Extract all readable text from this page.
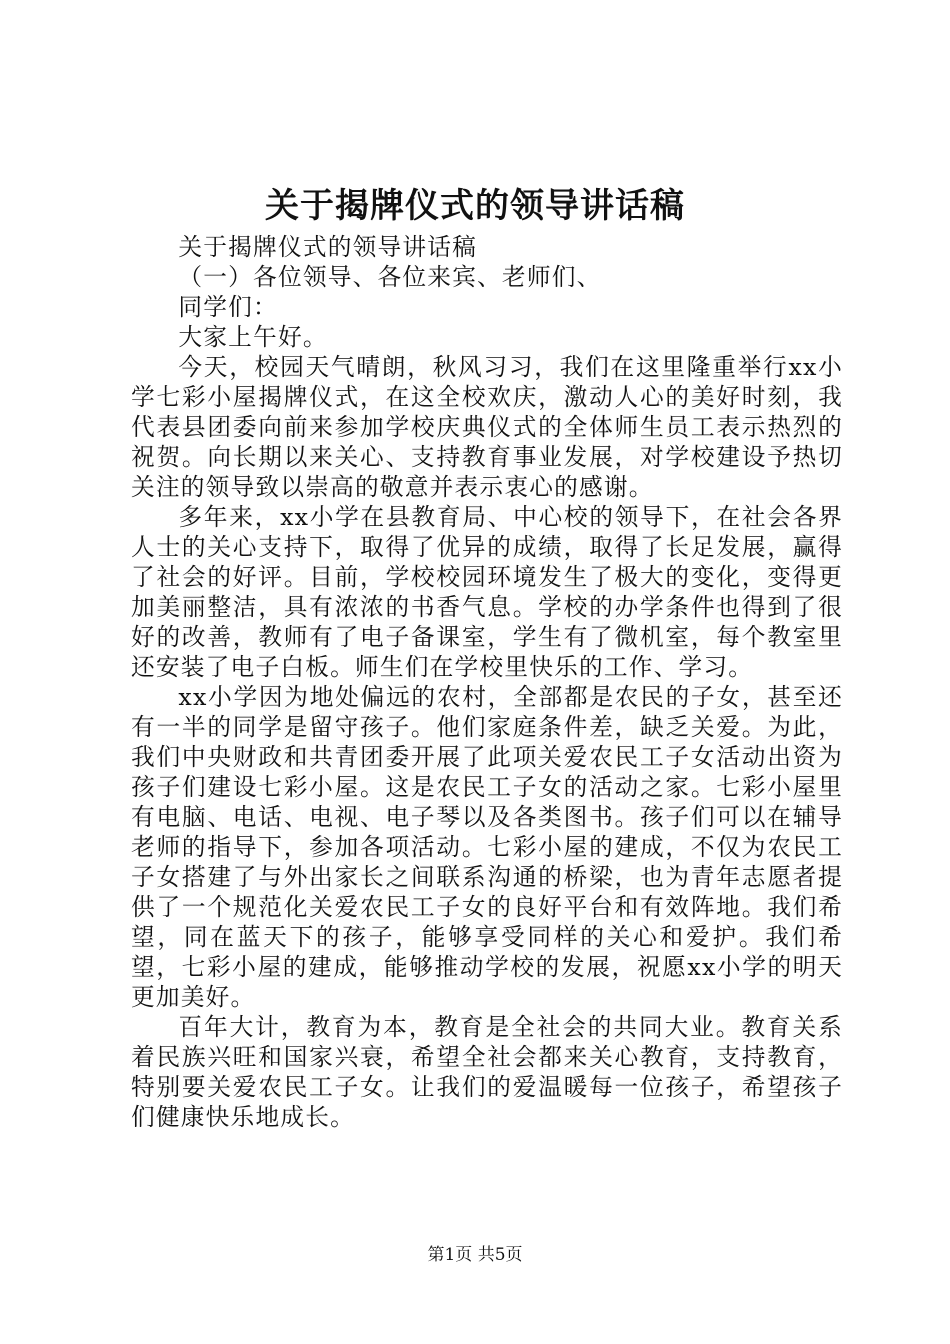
关于揭牌仪式的领导讲话稿

关于揭牌仪式的领导讲话稿

（一）各位领导、各位来宾、老师们、

同学们：

大家上午好。

今天，校园天气晴朗，秋风习习，我们在这里隆重举行xx小学七彩小屋揭牌仪式，在这全校欢庆，激动人心的美好时刻，我代表县团委向前来参加学校庆典仪式的全体师生员工表示热烈的祝贺。向长期以来关心、支持教育事业发展，对学校建设予热切关注的领导致以崇高的敬意并表示衷心的感谢。

多年来，xx小学在县教育局、中心校的领导下，在社会各界人士的关心支持下，取得了优异的成绩，取得了长足发展，赢得了社会的好评。目前，学校校园环境发生了极大的变化，变得更加美丽整洁，具有浓浓的书香气息。学校的办学条件也得到了很好的改善，教师有了电子备课室，学生有了微机室，每个教室里还安装了电子白板。师生们在学校里快乐的工作、学习。

xx小学因为地处偏远的农村，全部都是农民的子女，甚至还有一半的同学是留守孩子。他们家庭条件差，缺乏关爱。为此，我们中央财政和共青团委开展了此项关爱农民工子女活动出资为孩子们建设七彩小屋。这是农民工子女的活动之家。七彩小屋里有电脑、电话、电视、电子琴以及各类图书。孩子们可以在辅导老师的指导下，参加各项活动。七彩小屋的建成，不仅为农民工子女搭建了与外出家长之间联系沟通的桥梁，也为青年志愿者提供了一个规范化关爱农民工子女的良好平台和有效阵地。我们希望，同在蓝天下的孩子，能够享受同样的关心和爱护。我们希望，七彩小屋的建成，能够推动学校的发展，祝愿xx小学的明天更加美好。

百年大计，教育为本，教育是全社会的共同大业。教育关系着民族兴旺和国家兴衰，希望全社会都来关心教育，支持教育，特别要关爱农民工子女。让我们的爱温暖每一位孩子，希望孩子们健康快乐地成长。

第1页 共5页
